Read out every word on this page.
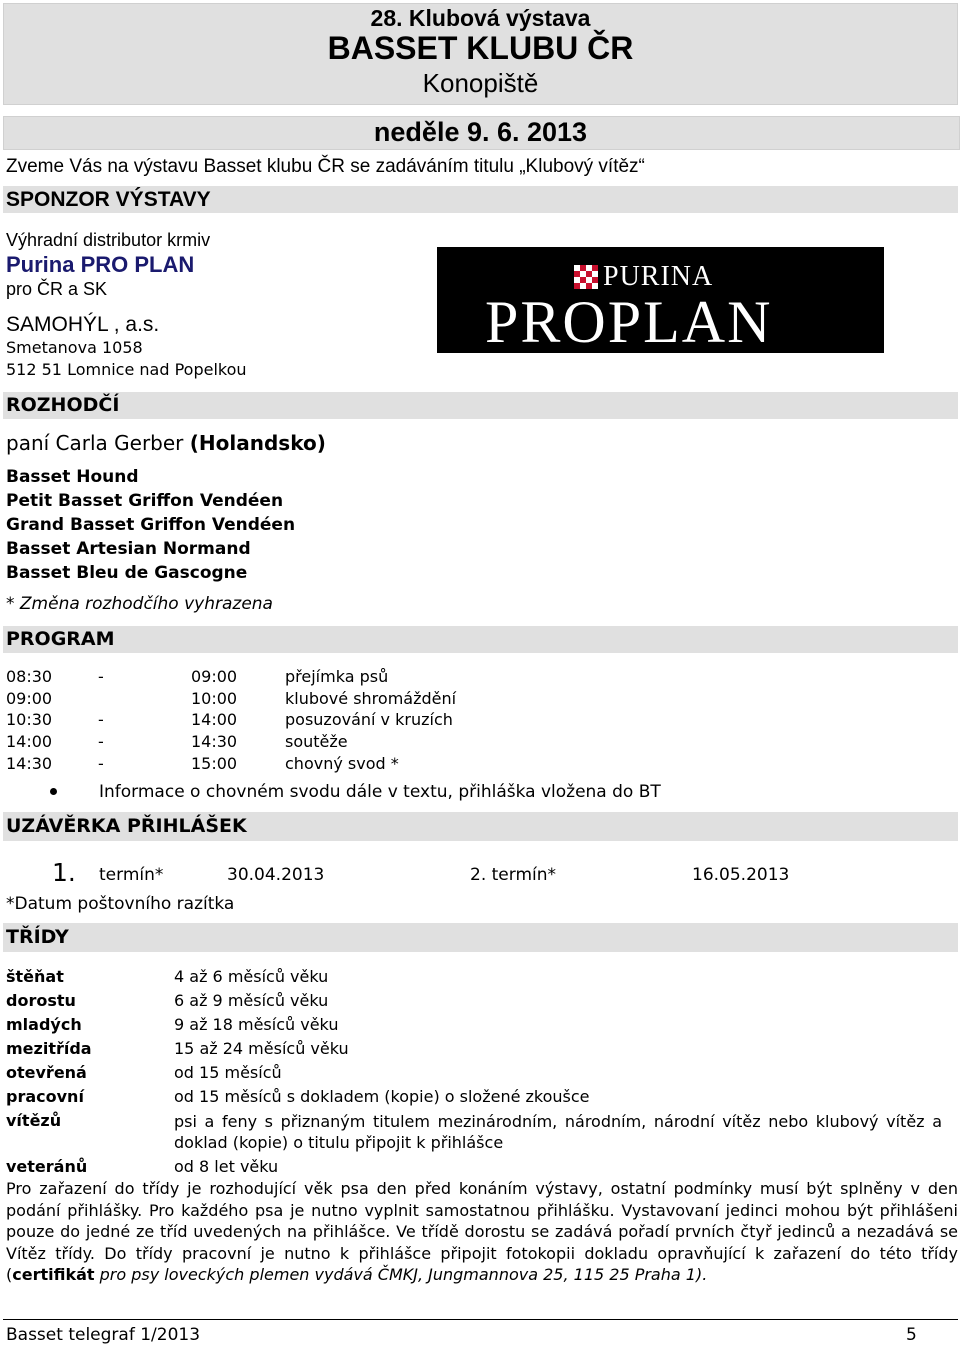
28. Klubová výstava
BASSET KLUBU ČR
Konopiště
neděle 9. 6. 2013
Zveme Vás na výstavu Basset klubu ČR se zadáváním titulu „Klubový vítěz“
SPONZOR VÝSTAVY
Výhradní distributor krmiv
Purina PRO PLAN
pro ČR a SK
SAMOHÝL , a.s.
Smetanova 1058
512 51 Lomnice nad Popelkou
PURINA
PROPLAN
ROZHODČÍ
paní Carla Gerber (Holandsko)
Basset Hound
Petit Basset Griffon Vendéen
Grand Basset Griffon Vendéen
Basset Artesian Normand
Basset Bleu de Gascogne
* Změna rozhodčího vyhrazena
PROGRAM
08:30	-	09:00	přejímka psů
09:00	10:00	klubové shromáždění
10:30	-	14:00	posuzování v kruzích
14:00	-	14:30	soutěže
14:30	-	15:00	chovný svod *
Informace o chovném svodu dále v textu, přihláška vložena do BT
UZÁVĚRKA PŘIHLÁŠEK
1. termín*	30.04.2013	2. termín*	16.05.2013
*Datum poštovního razítka
TŘÍDY
štěňat	4 až 6 měsíců věku
dorostu	6 až 9 měsíců věku
mladých	9 až 18 měsíců věku
mezitřída	15 až 24 měsíců věku
otevřená	od 15 měsíců
pracovní	od 15 měsíců s dokladem (kopie) o složené zkoušce
vítězů	psi a feny s přiznaným titulem mezinárodním, národním, národní vítěz nebo klubový vítěz a doklad (kopie) o titulu připojit k přihlášce
veteránů	od 8 let věku
Pro zařazení do třídy je rozhodující věk psa den před konáním výstavy, ostatní podmínky musí být splněny v den podání přihlášky. Pro každého psa je nutno vyplnit samostatnou přihlášku. Vystavovaní jedinci mohou být přihlášeni pouze do jedné ze tříd uvedených na přihlášce. Ve třídě dorostu se zadává pořadí prvních čtyř jedinců a nezadává se Vítěz třídy. Do třídy pracovní je nutno k přihlášce připojit fotokopii dokladu opravňující k zařazení do této třídy (certifikát pro psy loveckých plemen vydává ČMKJ, Jungmannova 25, 115 25 Praha 1).
Basset telegraf 1/2013	5
